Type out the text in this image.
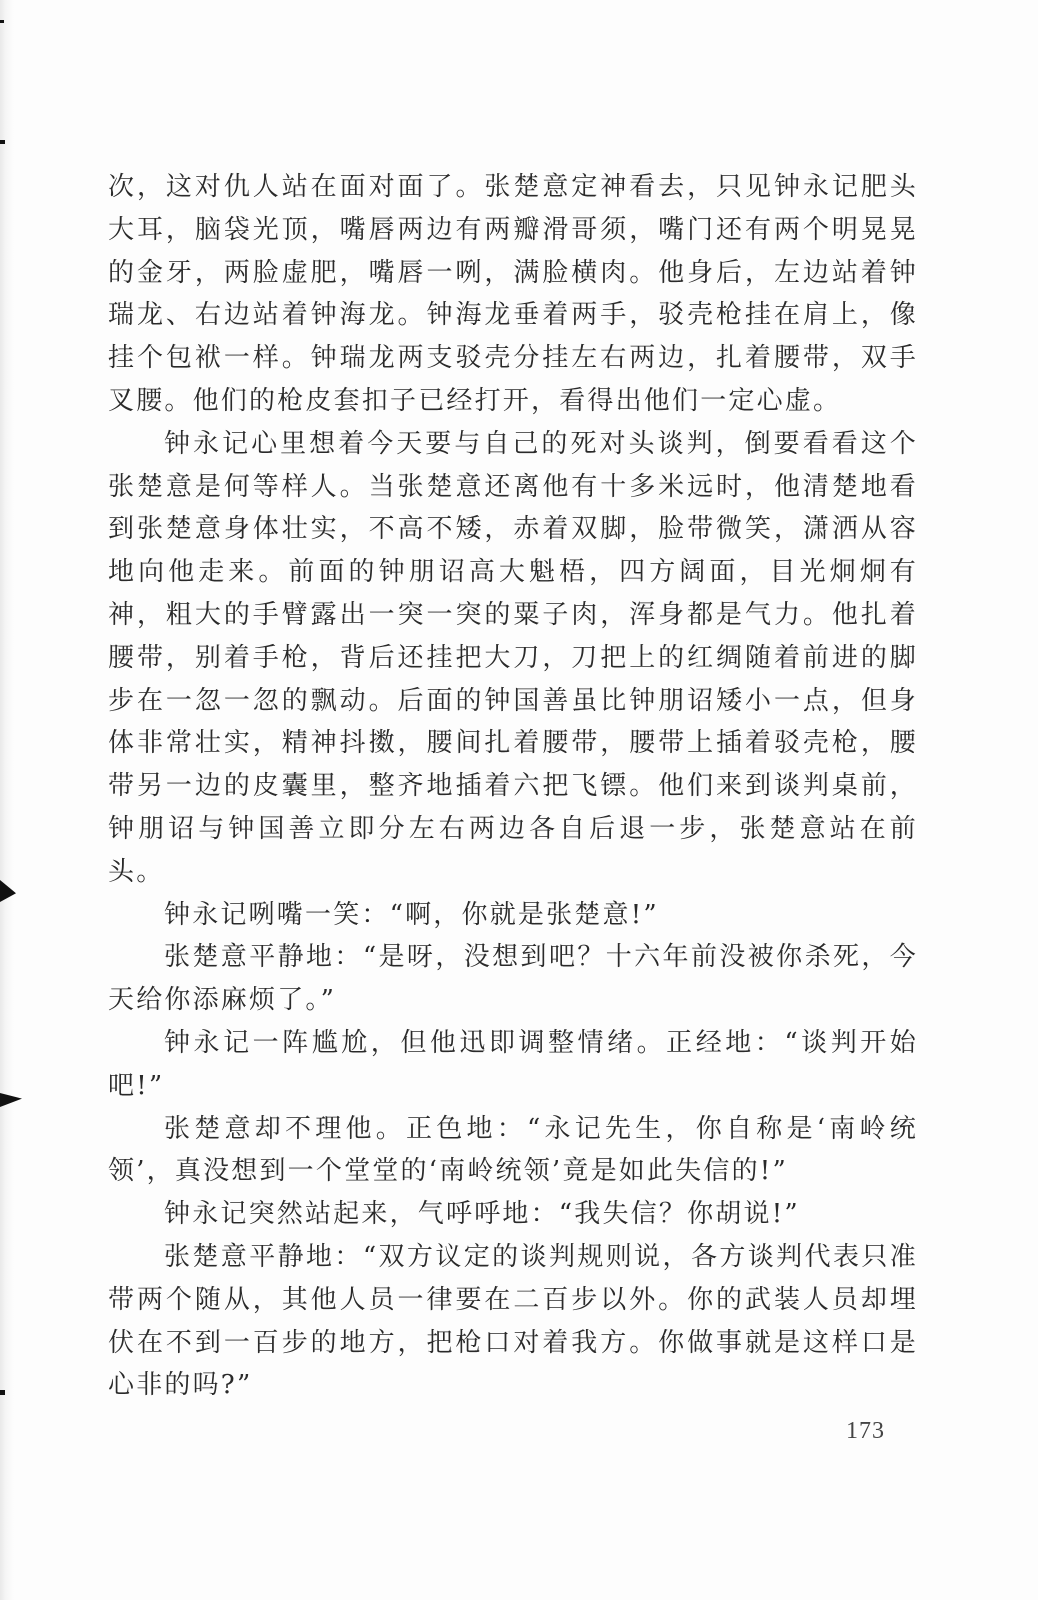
次，这对仇人站在面对面了。张楚意定神看去，只见钟永记肥头大耳，脑袋光顶，嘴唇两边有两瓣滑哥须，嘴门还有两个明晃晃的金牙，两脸虚肥，嘴唇一咧，满脸横肉。他身后，左边站着钟瑞龙、右边站着钟海龙。钟海龙垂着两手，驳壳枪挂在肩上，像挂个包袱一样。钟瑞龙两支驳壳分挂左右两边，扎着腰带，双手叉腰。他们的枪皮套扣子已经打开，看得出他们一定心虚。

钟永记心里想着今天要与自己的死对头谈判，倒要看看这个张楚意是何等样人。当张楚意还离他有十多米远时，他清楚地看到张楚意身体壮实，不高不矮，赤着双脚，脸带微笑，潇洒从容地向他走来。前面的钟朋诏高大魁梧，四方阔面，目光炯炯有神，粗大的手臂露出一突一突的粟子肉，浑身都是气力。他扎着腰带，别着手枪，背后还挂把大刀，刀把上的红绸随着前进的脚步在一忽一忽的飘动。后面的钟国善虽比钟朋诏矮小一点，但身体非常壮实，精神抖擞，腰间扎着腰带，腰带上插着驳壳枪，腰带另一边的皮囊里，整齐地插着六把飞镖。他们来到谈判桌前，钟朋诏与钟国善立即分左右两边各自后退一步，张楚意站在前头。

钟永记咧嘴一笑：“啊，你就是张楚意!”

张楚意平静地：“是呀，没想到吧？十六年前没被你杀死，今天给你添麻烦了。”

钟永记一阵尴尬，但他迅即调整情绪。正经地：“谈判开始吧!”

张楚意却不理他。正色地：“永记先生，你自称是‘南岭统领’，真没想到一个堂堂的‘南岭统领’竟是如此失信的!”

钟永记突然站起来，气呼呼地：“我失信？你胡说!”

张楚意平静地：“双方议定的谈判规则说，各方谈判代表只准带两个随从，其他人员一律要在二百步以外。你的武装人员却埋伏在不到一百步的地方，把枪口对着我方。你做事就是这样口是心非的吗?”

173
